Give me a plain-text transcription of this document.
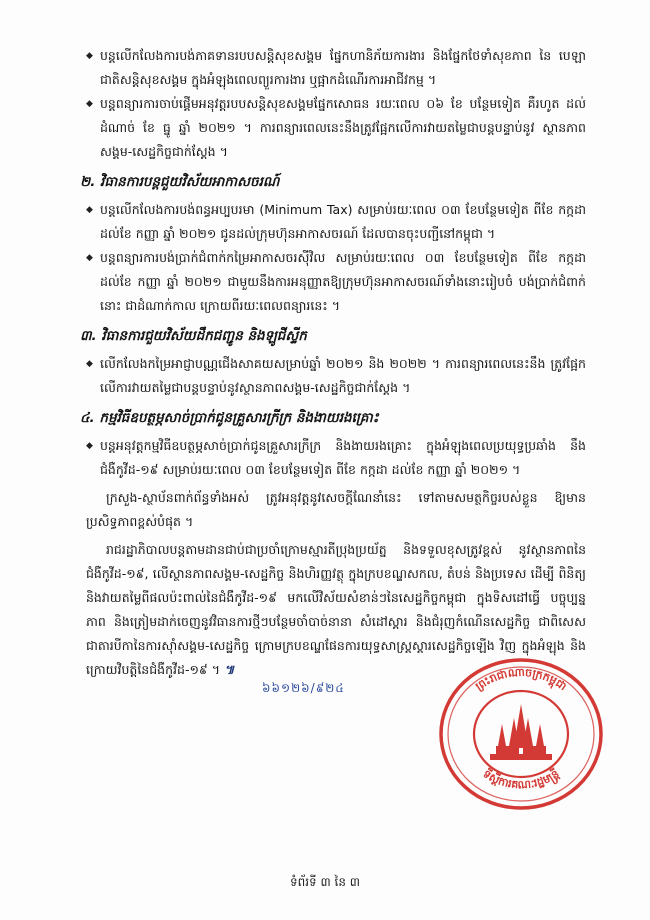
◆ បន្តលើកលែងការបង់ភាគទានរបបសន្តិសុខសង្គម ផ្នែកហានិភ័យការងារ និងផ្នែកថែទាំសុខភាព នៃ បេឡាជាតិសន្តិសុខសង្គម ក្នុងអំឡុងពេលព្យួរការងារ ឬផ្អាកដំណើរការអាជីវកម្ម ។
◆ បន្តពន្យារការចាប់ផ្តើមអនុវត្តរបបសន្តិសុខសង្គមផ្នែកសោធន រយៈពេល ០៦ ខែ បន្ថែមទៀត គឺរហូត ដល់ដំណាច់ ខែ ធ្នូ ឆ្នាំ ២០២១ ។ ការពន្យារពេលនេះនឹងត្រូវផ្អែកលើការវាយតម្លៃជាបន្តបន្ទាប់នូវ ស្ថានភាពសង្គម-សេដ្ឋកិច្ចជាក់ស្តែង ។
២. វិធានការបន្តជួយវិស័យអាកាសចរណ៍
◆ បន្តលើកលែងការបង់ពន្ធអប្បបរមា (Minimum Tax) សម្រាប់រយៈពេល ០៣ ខែបន្ថែមទៀត ពីខែ កក្កដា ដល់ខែ កញ្ញា ឆ្នាំ ២០២១ ជូនដល់ក្រុមហ៊ុនអាកាសចរណ៍ ដែលបានចុះបញ្ជីនៅកម្ពុជា ។
◆ បន្តពន្យារការបង់ប្រាក់ជំពាក់កម្រៃអាកាសចរស៊ីវិល សម្រាប់រយៈពេល ០៣ ខែបន្ថែមទៀត ពីខែ កក្កដា ដល់ខែ កញ្ញា ឆ្នាំ ២០២១ ជាមួយនឹងការអនុញ្ញាតឱ្យក្រុមហ៊ុនអាកាសចរណ៍ទាំងនោះរៀបចំ បង់ប្រាក់ជំពាក់នោះ ជាដំណាក់កាល ក្រោយពីរយៈពេលពន្យារនេះ ។
៣. វិធានការជួយវិស័យដឹកជញ្ជូន និងឡូជីស្ទីក
◆ លើកលែងកម្រៃអាជ្ញាបណ្ណជើងសាគយសម្រាប់ឆ្នាំ ២០២១ និង ២០២២ ។ ការពន្យារពេលនេះនឹង ត្រូវផ្អែកលើការវាយតម្លៃជាបន្តបន្ទាប់នូវស្ថានភាពសង្គម-សេដ្ឋកិច្ចជាក់ស្តែង ។
៤. កម្មវិធីឧបត្ថម្ភសាច់ប្រាក់ជូនគ្រួសារក្រីក្រ និងងាយរងគ្រោះ
◆ បន្តអនុវត្តកម្មវិធីឧបត្ថម្ភសាច់ប្រាក់ជូនគ្រួសារក្រីក្រ និងងាយរងគ្រោះ ក្នុងអំឡុងពេលប្រយុទ្ធប្រឆាំង នឹងជំងឺកូវីដ-១៩ សម្រាប់រយៈពេល ០៣ ខែបន្ថែមទៀត ពីខែ កក្កដា ដល់ខែ កញ្ញា ឆ្នាំ ២០២១ ។
ក្រសួង-ស្ថាប័នពាក់ព័ន្ធទាំងអស់ ត្រូវអនុវត្តនូវសេចក្តីណែនាំនេះ ទៅតាមសមត្ថកិច្ចរបស់ខ្លួន ឱ្យមាន ប្រសិទ្ធភាពខ្ពស់បំផុត ។
រាជរដ្ឋាភិបាលបន្តតាមដានជាប់ជាប្រចាំក្រោមស្មារតីប្រុងប្រយ័ត្ន និងទទួលខុសត្រូវខ្ពស់ នូវស្ថានភាពនៃ ជំងឺកូវីដ-១៩, លើស្ថានភាពសង្គម-សេដ្ឋកិច្ច និងហិរញ្ញវត្ថុ ក្នុងក្របខណ្ឌសកល, តំបន់ និងប្រទេស ដើម្បី ពិនិត្យ និងវាយតម្លៃពីផលប៉ះពាល់នៃជំងឺកូវីដ-១៩ មកលើវិស័យសំខាន់ៗនៃសេដ្ឋកិច្ចកម្ពុជា ក្នុងទិសដៅធ្វើ បច្ចុប្បន្នភាព និងត្រៀមដាក់ចេញនូវវិធានការថ្មីៗបន្ថែមចាំបាច់នានា សំដៅស្តារ និងជំរុញកំណើនសេដ្ឋកិច្ច ជាពិសេសជាតារបីកានៃការស៊ាំសង្គម-សេដ្ឋកិច្ច ក្រោមក្របខណ្ឌផែនការយុទ្ធសាស្ត្រស្តារសេដ្ឋកិច្ចឡើង វិញ ក្នុងអំឡុង និងក្រោយវិបត្តិនៃជំងឺកូវីដ-១៩ ។ ៕
៦៦១២៦/៩២៤	ព្រះរាជាណាចក្រកម្ពុជា
ទីស្ដីការគណៈរដ្ឋមន្ត្រី
ទំព័រទី ៣ នៃ ៣
